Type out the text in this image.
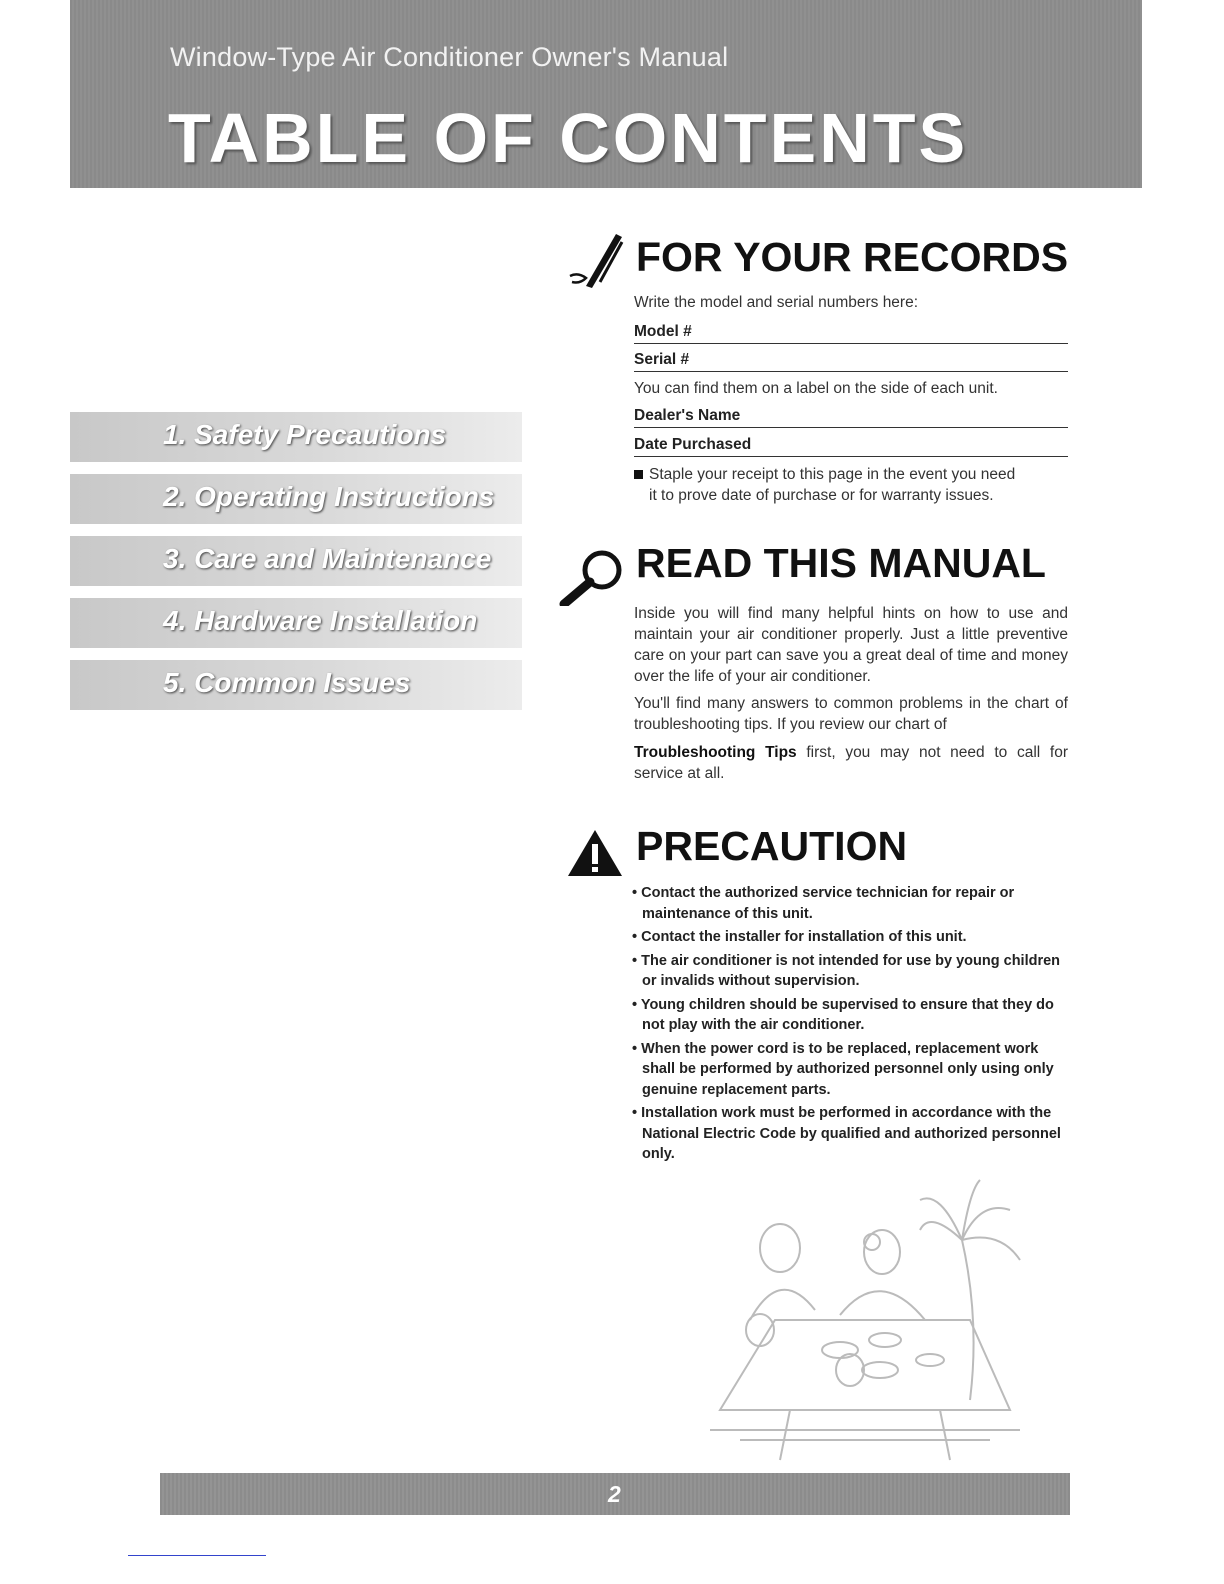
Window-Type Air Conditioner Owner's Manual
TABLE OF CONTENTS
1. Safety Precautions
2. Operating Instructions
3. Care and Maintenance
4. Hardware Installation
5. Common Issues
FOR YOUR RECORDS
Write the model and serial numbers here:
Model #
Serial #
You can find them on a label on the side of each unit.
Dealer's Name
Date Purchased
Staple your receipt to this page in the event you need
it to prove date of purchase or for warranty issues.
READ THIS MANUAL

Inside you will find many helpful hints on how to use and maintain your air conditioner properly. Just a little preventive care on your part can save you a great deal of time and money over the life of your air conditioner.

You'll find many answers to common problems in the chart of troubleshooting tips. If you review our chart of

Troubleshooting Tips first, you may not need to call for service at all.

PRECAUTION
• Contact the authorized service technician for repair or maintenance of this unit.
• Contact the installer for installation of this unit.
• The air conditioner is not intended for use by young children or invalids without supervision.
• Young children should be supervised to ensure that they do not play with the air conditioner.
• When the power cord is to be replaced, replacement work shall be performed by authorized personnel only using only genuine replacement parts.
• Installation work must be performed in accordance with the National Electric Code by qualified and authorized personnel only.
2
